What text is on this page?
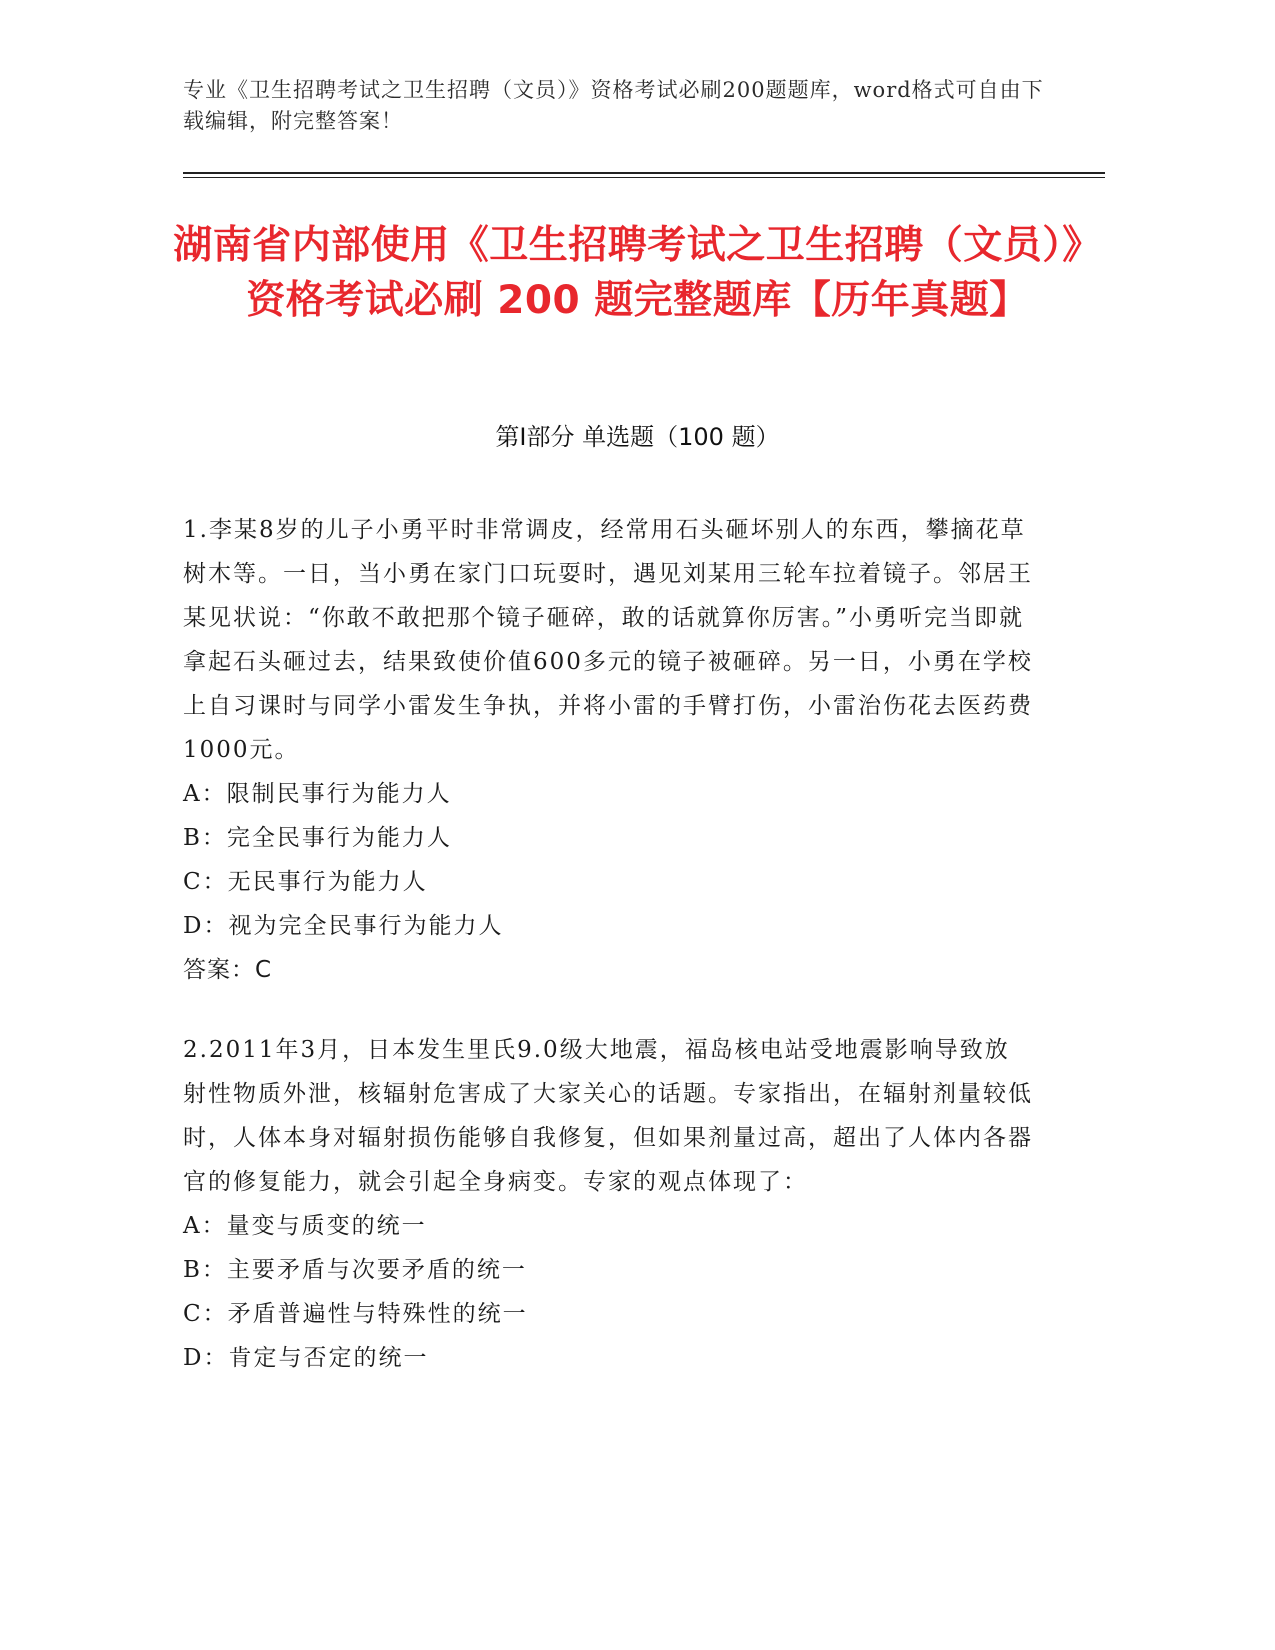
专业《卫生招聘考试之卫生招聘（文员）》资格考试必刷200题题库，word格式可自由下载编辑，附完整答案！
湖南省内部使用《卫生招聘考试之卫生招聘（文员）》资格考试必刷 200 题完整题库【历年真题】
第Ⅰ部分 单选题（100 题）

1.李某8岁的儿子小勇平时非常调皮，经常用石头砸坏别人的东西，攀摘花草树木等。一日，当小勇在家门口玩耍时，遇见刘某用三轮车拉着镜子。邻居王某见状说：“你敢不敢把那个镜子砸碎，敢的话就算你厉害。”小勇听完当即就拿起石头砸过去，结果致使价值600多元的镜子被砸碎。另一日，小勇在学校上自习课时与同学小雷发生争执，并将小雷的手臂打伤，小雷治伤花去医药费1000元。

A：限制民事行为能力人

B：完全民事行为能力人

C：无民事行为能力人

D：视为完全民事行为能力人

答案：C

2.2011年3月，日本发生里氏9.0级大地震，福岛核电站受地震影响导致放射性物质外泄，核辐射危害成了大家关心的话题。专家指出，在辐射剂量较低时，人体本身对辐射损伤能够自我修复，但如果剂量过高，超出了人体内各器官的修复能力，就会引起全身病变。专家的观点体现了：

A：量变与质变的统一

B：主要矛盾与次要矛盾的统一

C：矛盾普遍性与特殊性的统一

D：肯定与否定的统一
